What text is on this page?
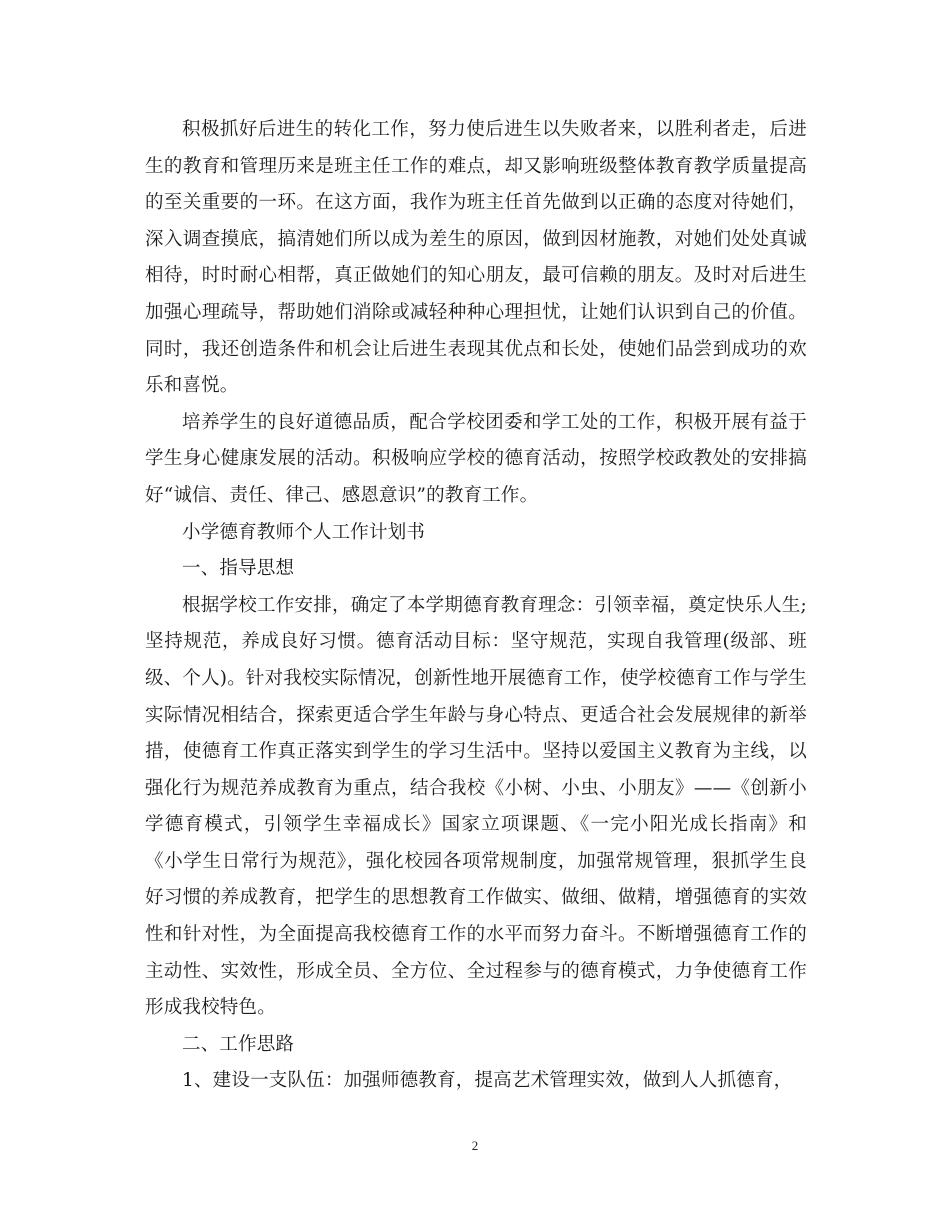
积极抓好后进生的转化工作，努力使后进生以失败者来，以胜利者走，后进生的教育和管理历来是班主任工作的难点，却又影响班级整体教育教学质量提高的至关重要的一环。在这方面，我作为班主任首先做到以正确的态度对待她们，深入调查摸底，搞清她们所以成为差生的原因，做到因材施教，对她们处处真诚相待，时时耐心相帮，真正做她们的知心朋友，最可信赖的朋友。及时对后进生加强心理疏导，帮助她们消除或减轻种种心理担忧，让她们认识到自己的价值。同时，我还创造条件和机会让后进生表现其优点和长处，使她们品尝到成功的欢乐和喜悦。

培养学生的良好道德品质，配合学校团委和学工处的工作，积极开展有益于学生身心健康发展的活动。积极响应学校的德育活动，按照学校政教处的安排搞好“诚信、责任、律己、感恩意识”的教育工作。

小学德育教师个人工作计划书

一、指导思想

根据学校工作安排，确定了本学期德育教育理念：引领幸福，奠定快乐人生;坚持规范，养成良好习惯。德育活动目标：坚守规范，实现自我管理(级部、班级、个人)。针对我校实际情况，创新性地开展德育工作，使学校德育工作与学生实际情况相结合，探索更适合学生年龄与身心特点、更适合社会发展规律的新举措，使德育工作真正落实到学生的学习生活中。坚持以爱国主义教育为主线，以强化行为规范养成教育为重点，结合我校《小树、小虫、小朋友》——《创新小学德育模式，引领学生幸福成长》国家立项课题、《一完小阳光成长指南》和《小学生日常行为规范》，强化校园各项常规制度，加强常规管理，狠抓学生良好习惯的养成教育，把学生的思想教育工作做实、做细、做精，增强德育的实效性和针对性，为全面提高我校德育工作的水平而努力奋斗。不断增强德育工作的主动性、实效性，形成全员、全方位、全过程参与的德育模式，力争使德育工作形成我校特色。

二、工作思路

1、建设一支队伍：加强师德教育，提高艺术管理实效，做到人人抓德育，

2
